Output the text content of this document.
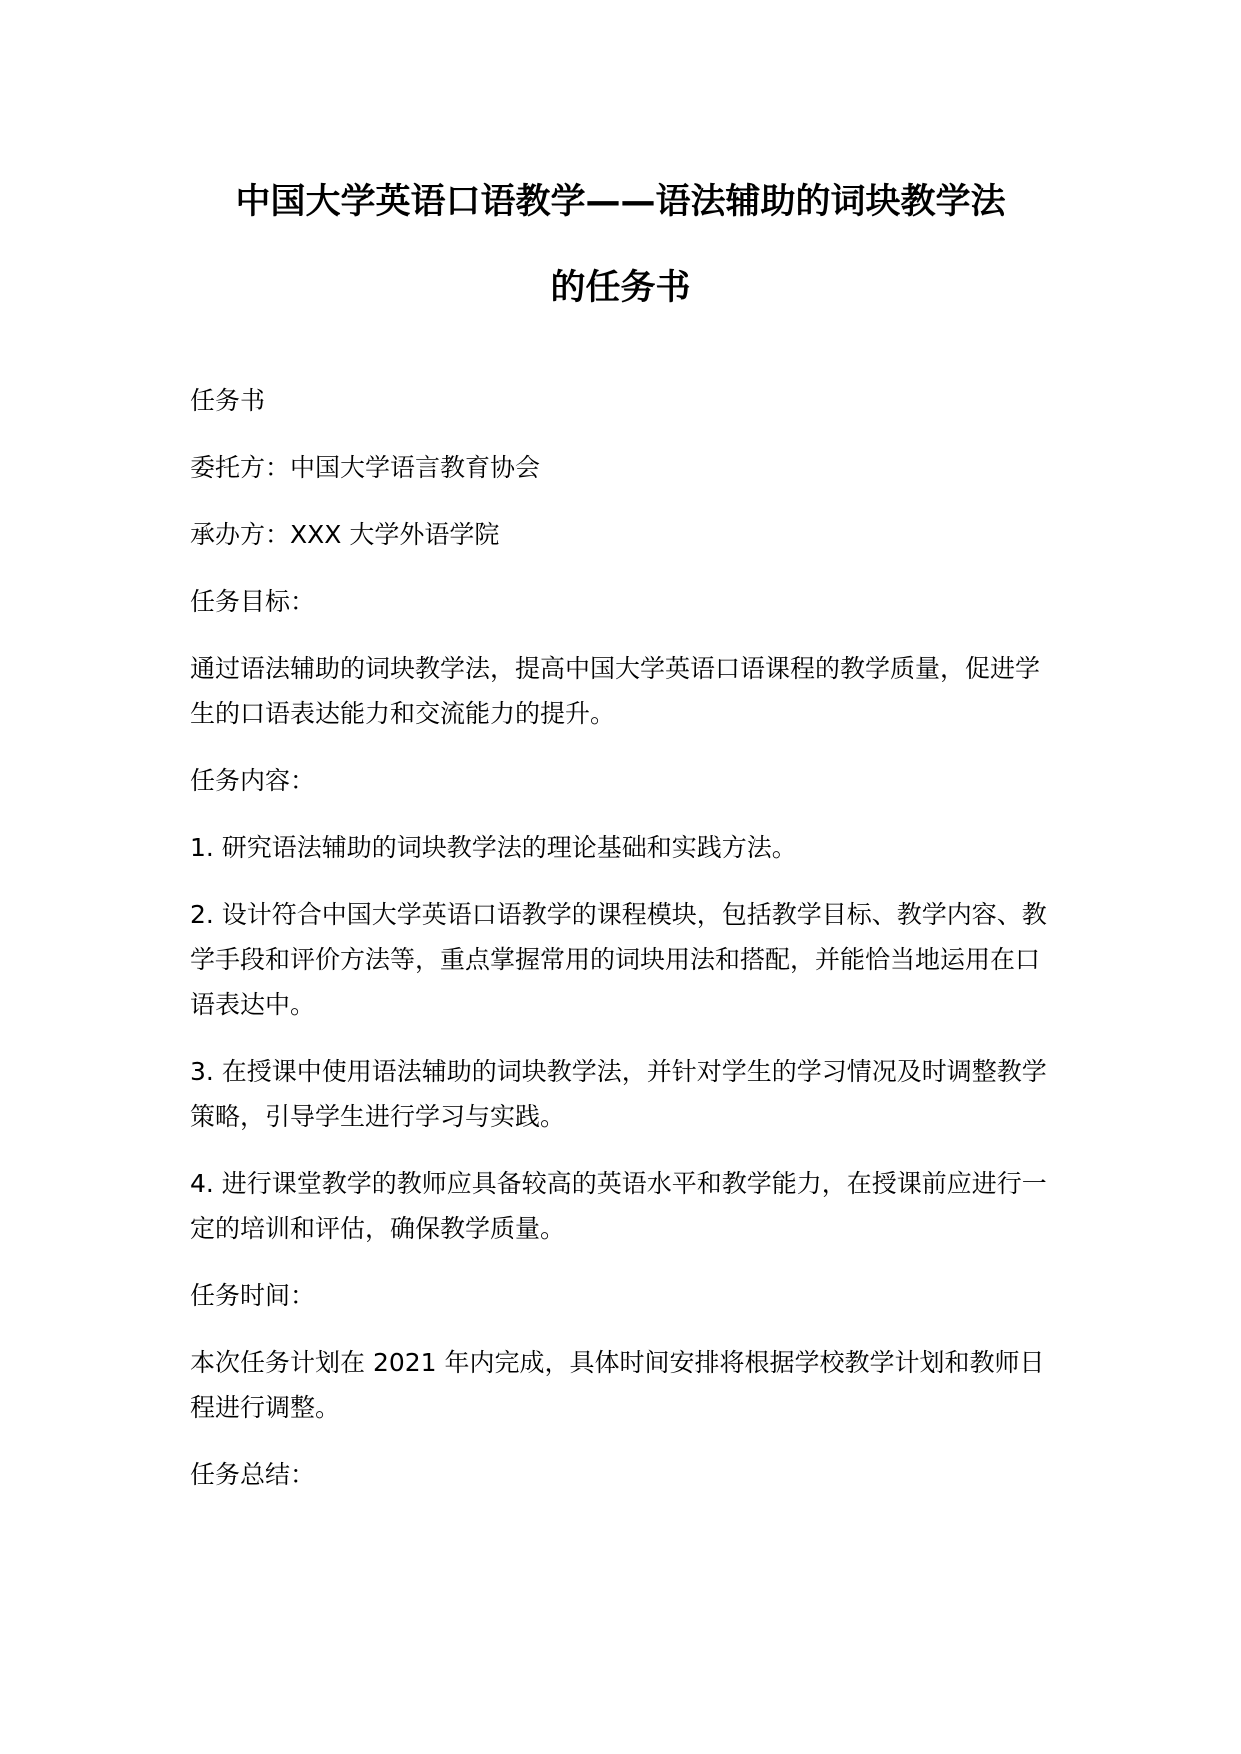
中国大学英语口语教学——语法辅助的词块教学法
的任务书

任务书

委托方：中国大学语言教育协会

承办方：XXX 大学外语学院

任务目标：

通过语法辅助的词块教学法，提高中国大学英语口语课程的教学质量，促进学生的口语表达能力和交流能力的提升。

任务内容：

1. 研究语法辅助的词块教学法的理论基础和实践方法。

2. 设计符合中国大学英语口语教学的课程模块，包括教学目标、教学内容、教学手段和评价方法等，重点掌握常用的词块用法和搭配，并能恰当地运用在口语表达中。

3. 在授课中使用语法辅助的词块教学法，并针对学生的学习情况及时调整教学策略，引导学生进行学习与实践。

4. 进行课堂教学的教师应具备较高的英语水平和教学能力，在授课前应进行一定的培训和评估，确保教学质量。

任务时间：

本次任务计划在 2021 年内完成，具体时间安排将根据学校教学计划和教师日程进行调整。

任务总结：
